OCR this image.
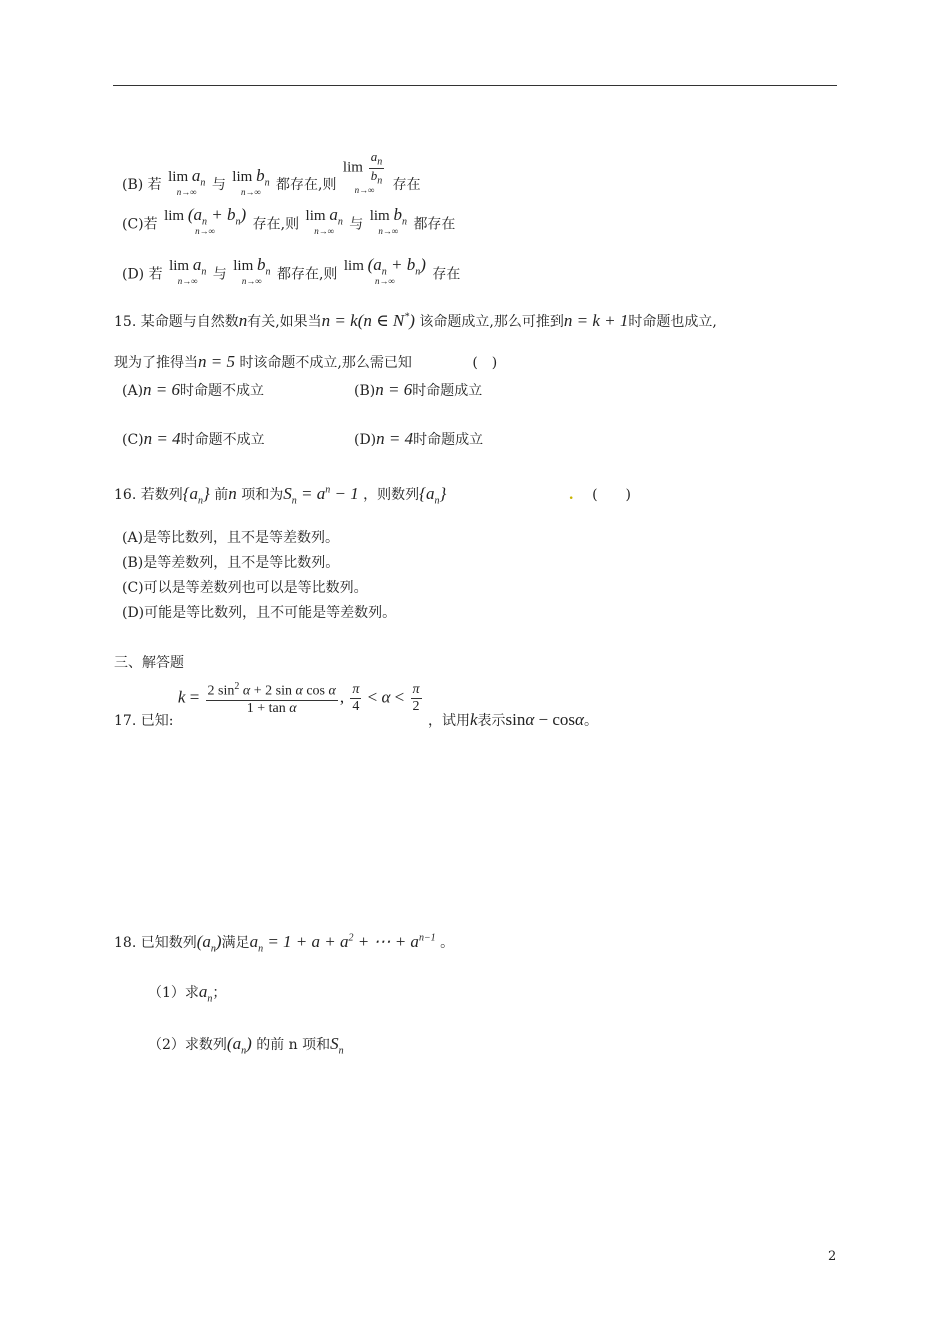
(B) 若
$\lim a_n$
n→∞	与
$\lim b_n$
n→∞	都存在,则
$\lim \frac{a_n}{b_n}$
n→∞	存在
(C)若
$\lim (a_n + b_n)$
n→∞	存在,则
$\lim a_n$
n→∞	与
$\lim b_n$
n→∞	都存在
(D) 若
$\lim a_n$
n→∞	与
$\lim b_n$
n→∞	都存在,则
$\lim (a_n + b_n)$
n→∞	存在
15. 某命题与自然数n有关,如果当n = k(n ∈ N*) 该命题成立,那么可推到n = k + 1时命题也成立,
现为了推得当n = 5 时该命题不成立,那么需已知	(　)
(A)n = 6时命题不成立	(B)n = 6时命题成立
(C)n = 4时命题不成立	(D)n = 4时命题成立
16. 若数列$\{a_n\}$ 前n 项和为$S_n = a^n - 1$ ，则数列$\{a_n\}$	. (　　)
(A)是等比数列，且不是等差数列。
(B)是等差数列，且不是等比数列。
(C)可以是等差数列也可以是等比数列。
(D)可能是等比数列，且不可能是等差数列。
三、解答题
17. 已知: $k = \frac{2 \sin^2 \alpha + 2 \sin \alpha \cos \alpha}{\text{1 + tan α}}$ , $\frac{\pi}{4} < \alpha < \frac{\pi}{2}$
，试用k表示sinα − cosα。
18. 已知数列$(a_n)$满足$a_n = 1 + a + a^2$ + ⋯ + $a^{n-1}$ 。
（1）求$a_n$；
（2）求数列$(a_n)$ 的前 n 项和$S_n$
2
